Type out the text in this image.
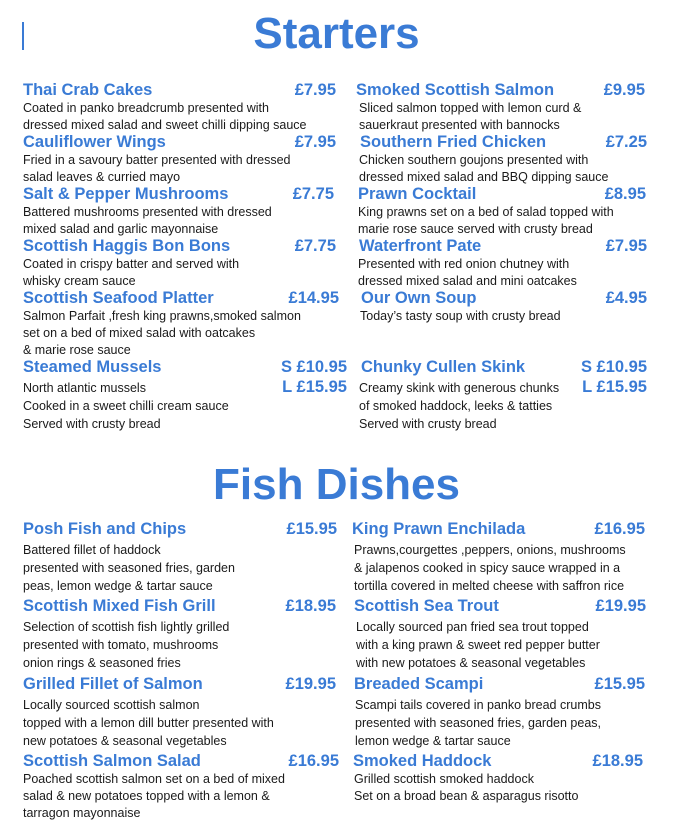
Starters
Thai Crab Cakes	£7.95
Coated in panko breadcrumb presented with
dressed mixed salad and sweet chilli dipping sauce
Cauliflower Wings	£7.95
Fried in a savoury batter presented with dressed
salad leaves & curried mayo
Salt & Pepper Mushrooms	£7.75
Battered mushrooms presented with dressed
mixed salad and garlic mayonnaise
Scottish Haggis Bon Bons	£7.75
Coated in crispy batter and served with
whisky cream sauce
Scottish Seafood Platter	£14.95
Salmon Parfait ,fresh king prawns,smoked salmon
set on a bed of mixed salad with oatcakes
& marie rose sauce
Steamed Mussels	S £10.95
North atlantic mussels
Cooked in a sweet chilli cream sauce
Served with crusty bread
L £15.95
Smoked Scottish Salmon	£9.95
Sliced salmon topped with lemon curd &
sauerkraut presented with bannocks
Southern Fried Chicken	£7.25
Chicken southern goujons presented with
dressed mixed salad and BBQ dipping sauce
Prawn Cocktail	£8.95
King prawns set on a bed of salad topped with
marie rose sauce served with crusty bread
Waterfront Pate	£7.95
Presented with red onion chutney with
dressed mixed salad and mini oatcakes
Our Own Soup	£4.95
Today’s tasty soup with crusty bread
Chunky Cullen Skink	S £10.95
Creamy skink with generous chunks
of smoked haddock, leeks & tatties
Served with crusty bread
L £15.95
Fish Dishes
Posh Fish and Chips	£15.95
Battered fillet of haddock
presented with seasoned fries, garden
peas, lemon wedge & tartar sauce
Scottish Mixed Fish Grill	£18.95
Selection of scottish fish lightly grilled
presented with tomato, mushrooms
onion rings & seasoned fries
Grilled Fillet of Salmon	£19.95
Locally sourced scottish salmon
topped with a lemon dill butter presented with
new potatoes & seasonal vegetables
Scottish Salmon Salad	£16.95
Poached scottish salmon set on a bed of mixed
salad & new potatoes topped with a lemon &
tarragon mayonnaise
King Prawn Enchilada	£16.95
Prawns,courgettes ,peppers, onions, mushrooms
& jalapenos cooked in spicy sauce wrapped in a
tortilla covered in melted cheese with saffron rice
Scottish Sea Trout	£19.95
Locally sourced pan fried sea trout topped
with a king prawn & sweet red pepper butter
with new potatoes & seasonal vegetables
Breaded Scampi	£15.95
Scampi tails covered in panko bread crumbs
presented with seasoned fries, garden peas,
lemon wedge & tartar sauce
Smoked Haddock	£18.95
Grilled scottish smoked haddock
Set on a broad bean & asparagus risotto
